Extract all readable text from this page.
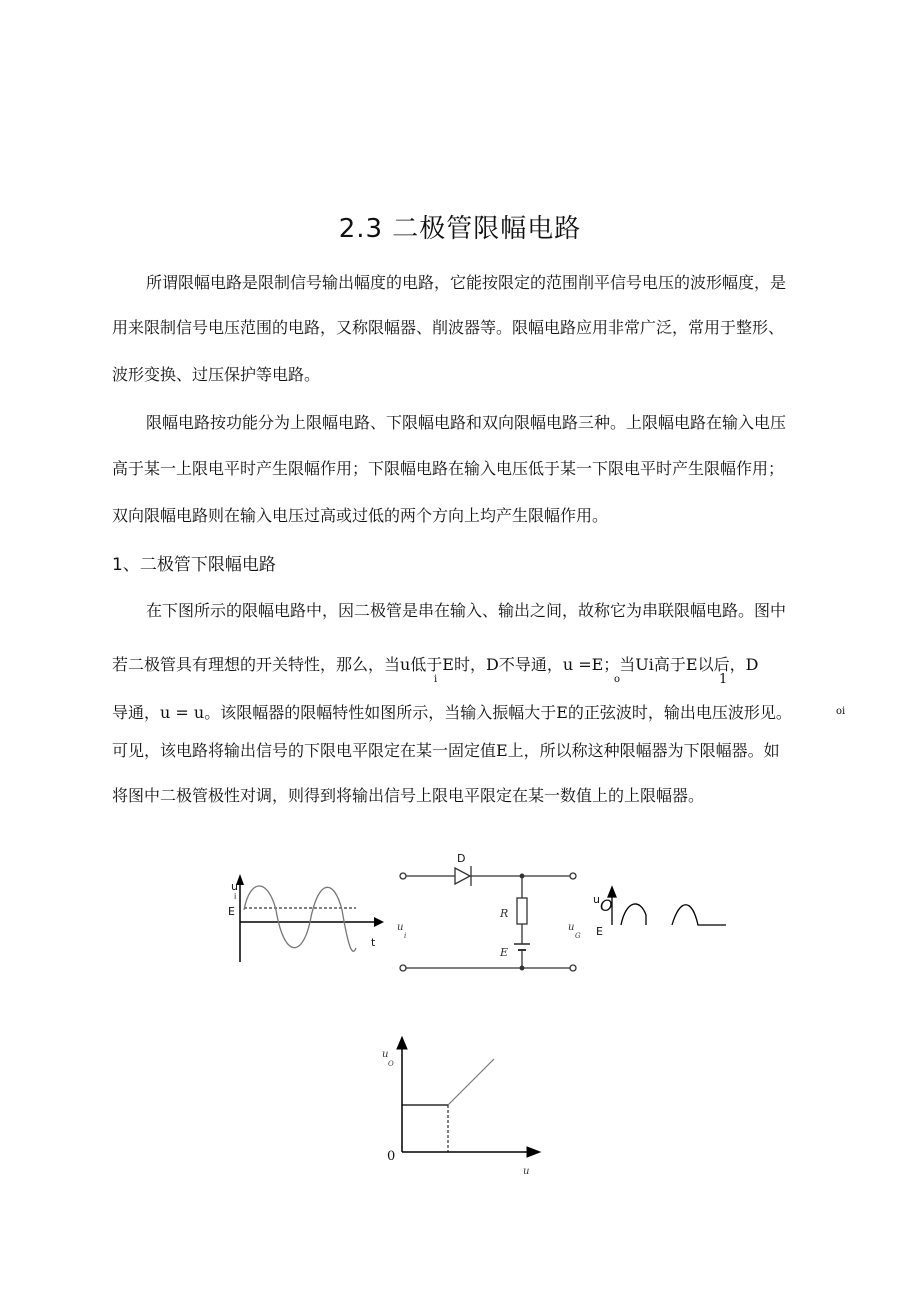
2.3 二极管限幅电路
所谓限幅电路是限制信号输出幅度的电路，它能按限定的范围削平信号电压的波形幅度，是
用来限制信号电压范围的电路，又称限幅器、削波器等。限幅电路应用非常广泛，常用于整形、
波形变换、过压保护等电路。
限幅电路按功能分为上限幅电路、下限幅电路和双向限幅电路三种。上限幅电路在输入电压
高于某一上限电平时产生限幅作用；下限幅电路在输入电压低于某一下限电平时产生限幅作用；
双向限幅电路则在输入电压过高或过低的两个方向上均产生限幅作用。
1、二极管下限幅电路
在下图所示的限幅电路中，因二极管是串在输入、输出之间，故称它为串联限幅电路。图中
若二极管具有理想的开关特性，那么，当u低于E时，D不导通，u =E；当Ui高于E以后，D
i	o	1
导通，u = u。该限幅器的限幅特性如图所示，当输入振幅大于E的正弦波时，输出电压波形见。	oi
可见，该电路将输出信号的下限电平限定在某一固定值E上，所以称这种限幅器为下限幅器。如
将图中二极管极性对调，则得到将输出信号上限电平限定在某一数值上的上限幅器。
u
i
E
t
D
R
E
u
i
u
G
u O
E
u
O
0
u
